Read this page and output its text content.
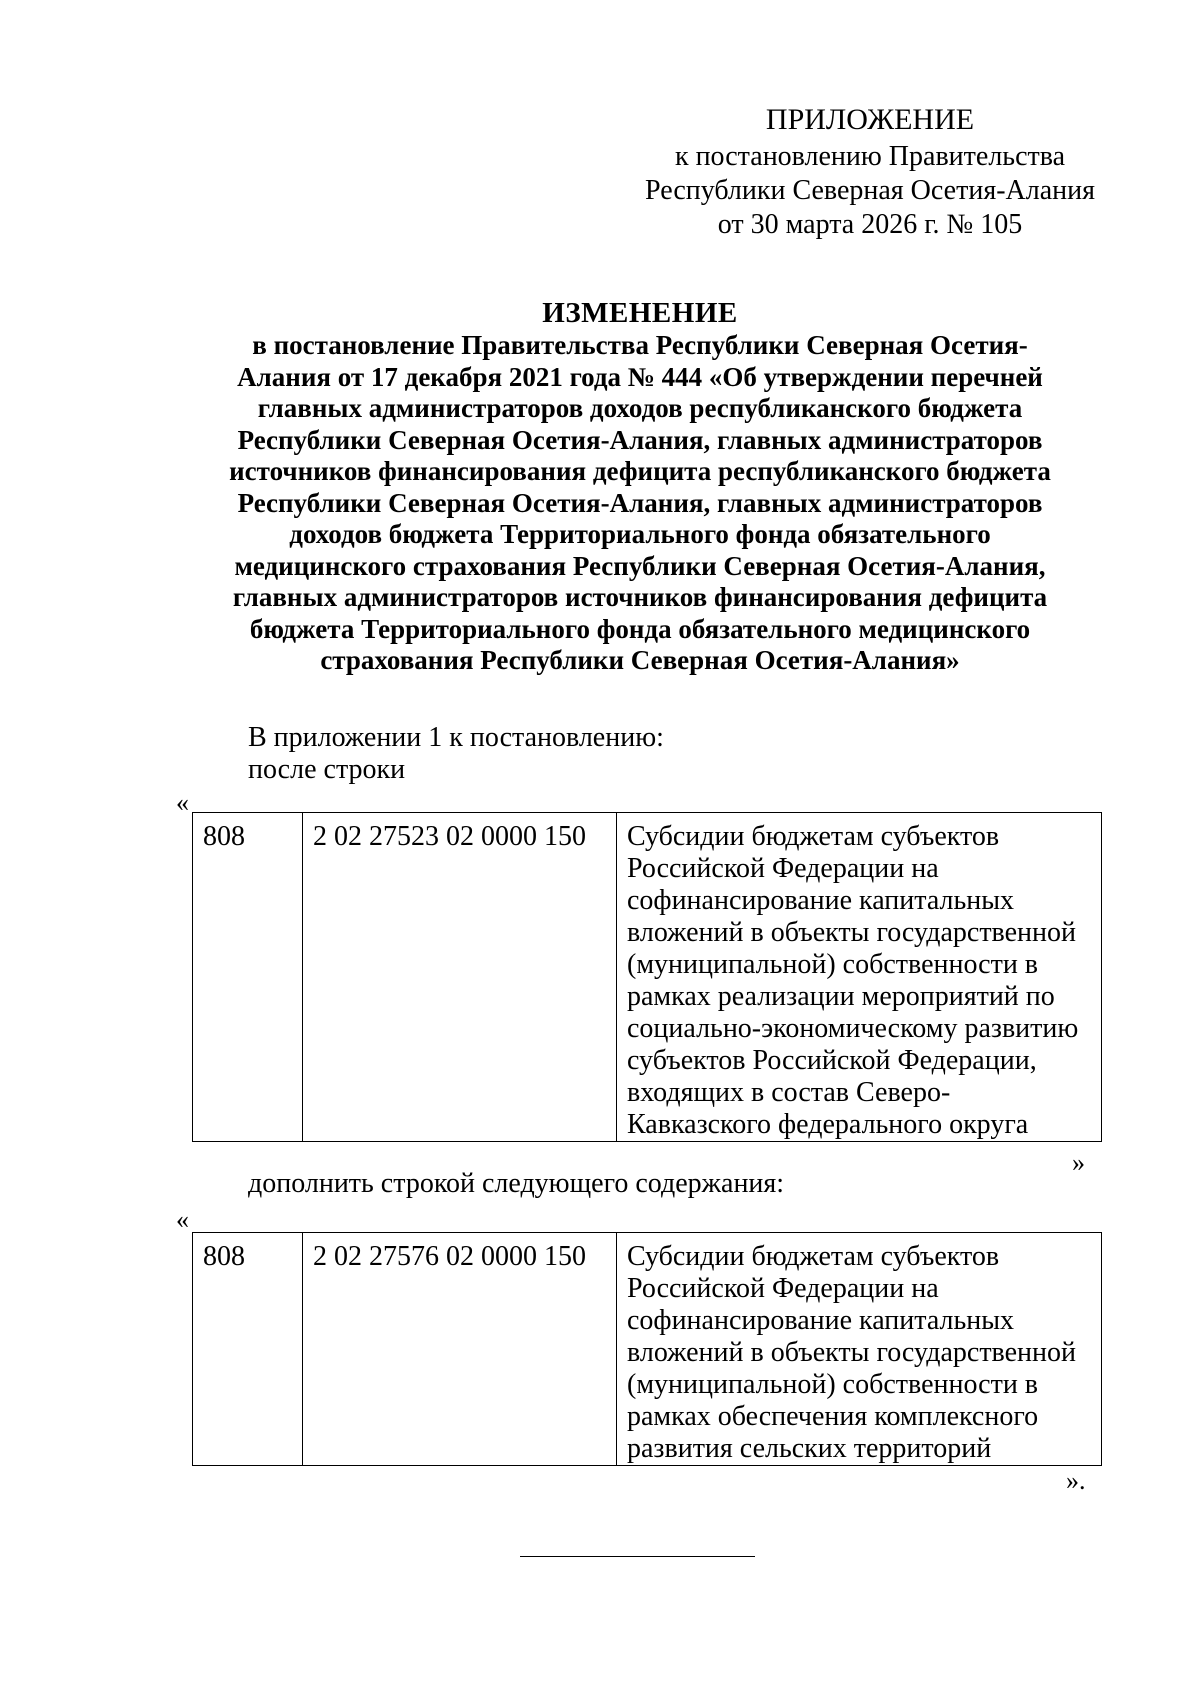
ПРИЛОЖЕНИЕ
к постановлению Правительства
Республики Северная Осетия-Алания
от 30 марта 2026 г. № 105
ИЗМЕНЕНИЕ
в постановление Правительства Республики Северная Осетия-
Алания от 17 декабря 2021 года № 444 «Об утверждении перечней
главных администраторов доходов республиканского бюджета
Республики Северная Осетия-Алания, главных администраторов
источников финансирования дефицита республиканского бюджета
Республики Северная Осетия-Алания, главных администраторов
доходов бюджета Территориального фонда обязательного
медицинского страхования Республики Северная Осетия-Алания,
главных администраторов источников финансирования дефицита
бюджета Территориального фонда обязательного медицинского
страхования Республики Северная Осетия-Алания»
В приложении 1 к постановлению:
после строки
«
808	2 02 27523 02 0000 150	Субсидии бюджетам субъектов
Российской Федерации на
софинансирование капитальных
вложений в объекты государственной
(муниципальной) собственности в
рамках реализации мероприятий по
социально-экономическому развитию
субъектов Российской Федерации,
входящих в состав Северо-
Кавказского федерального округа
»
дополнить строкой следующего содержания:
«
808	2 02 27576 02 0000 150	Субсидии бюджетам субъектов
Российской Федерации на
софинансирование капитальных
вложений в объекты государственной
(муниципальной) собственности в
рамках обеспечения комплексного
развития сельских территорий
».
